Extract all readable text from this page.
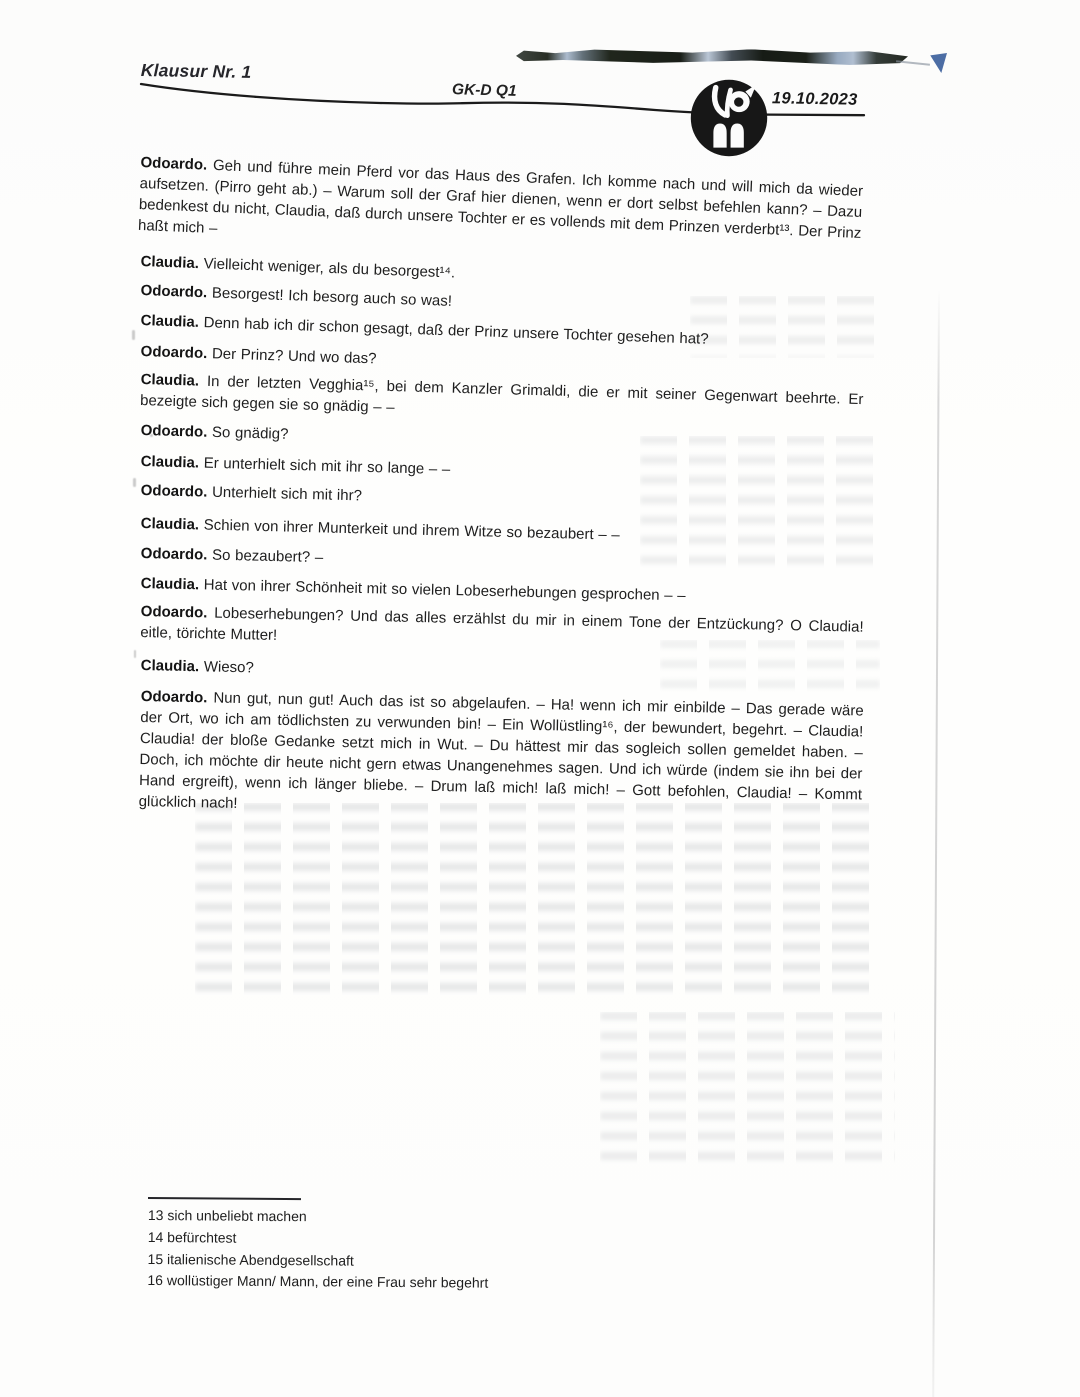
Klausur Nr. 1
GK-D Q1	19.10.2023

Odoardo. Geh und führe mein Pferd vor das Haus des Grafen. Ich komme nach und will mich da wieder aufsetzen. (Pirro geht ab.) – Warum soll der Graf hier dienen, wenn er dort selbst befehlen kann? – Dazu bedenkest du nicht, Claudia, daß durch unsere Tochter er es vollends mit dem Prinzen verderbt¹³. Der Prinz haßt mich –

Claudia. Vielleicht weniger, als du besorgest¹⁴.

Odoardo. Besorgest! Ich besorg auch so was!

Claudia. Denn hab ich dir schon gesagt, daß der Prinz unsere Tochter gesehen hat?

Odoardo. Der Prinz? Und wo das?

Claudia. In der letzten Vegghia¹⁵, bei dem Kanzler Grimaldi, die er mit seiner Gegenwart beehrte. Er bezeigte sich gegen sie so gnädig – –

Odoardo. So gnädig?

Claudia. Er unterhielt sich mit ihr so lange – –

Odoardo. Unterhielt sich mit ihr?

Claudia. Schien von ihrer Munterkeit und ihrem Witze so bezaubert – –

Odoardo. So bezaubert? –

Claudia. Hat von ihrer Schönheit mit so vielen Lobeserhebungen gesprochen – –

Odoardo. Lobeserhebungen? Und das alles erzählst du mir in einem Tone der Entzückung? O Claudia! eitle, törichte Mutter!

Claudia. Wieso?

Odoardo. Nun gut, nun gut! Auch das ist so abgelaufen. – Ha! wenn ich mir einbilde – Das gerade wäre der Ort, wo ich am tödlichsten zu verwunden bin! – Ein Wollüstling¹⁶, der bewundert, begehrt. – Claudia! Claudia! der bloße Gedanke setzt mich in Wut. – Du hättest mir das sogleich sollen gemeldet haben. – Doch, ich möchte dir heute nicht gern etwas Unangenehmes sagen. Und ich würde (indem sie ihn bei der Hand ergreift), wenn ich länger bliebe. – Drum laß mich! laß mich! – Gott befohlen, Claudia! – Kommt glücklich nach!

13 sich unbeliebt machen
14 befürchtest
15 italienische Abendgesellschaft
16 wollüstiger Mann/ Mann, der eine Frau sehr begehrt
